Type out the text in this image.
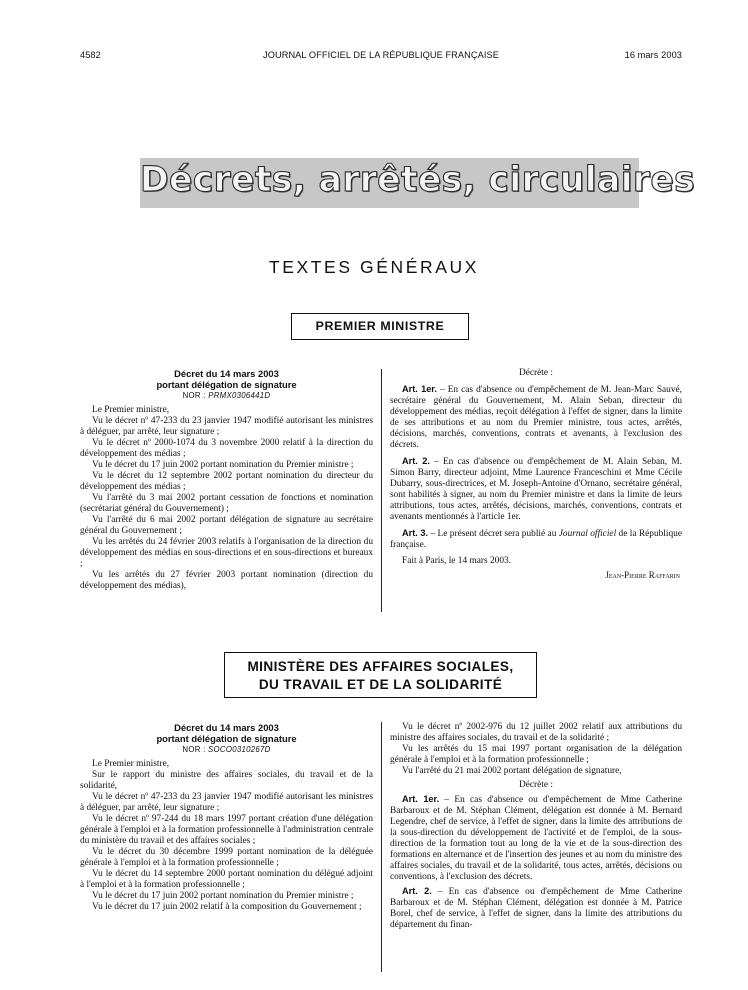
4582	JOURNAL OFFICIEL DE LA RÉPUBLIQUE FRANÇAISE	16 mars 2003
Décrets, arrêtés, circulaires
TEXTES GÉNÉRAUX
PREMIER MINISTRE
Décret du 14 mars 2003
portant délégation de signature
NOR : PRMX0306441D

Le Premier ministre,

Vu le décret nº 47-233 du 23 janvier 1947 modifié autorisant les ministres à déléguer, par arrêté, leur signature ;

Vu le décret nº 2000-1074 du 3 novembre 2000 relatif à la direction du développement des médias ;

Vu le décret du 17 juin 2002 portant nomination du Premier ministre ;

Vu le décret du 12 septembre 2002 portant nomination du directeur du développement des médias ;

Vu l'arrêté du 3 mai 2002 portant cessation de fonctions et nomination (secrétariat général du Gouvernement) ;

Vu l'arrêté du 6 mai 2002 portant délégation de signature au secrétaire général du Gouvernement ;

Vu les arrêtés du 24 février 2003 relatifs à l'organisation de la direction du développement des médias en sous-directions et en sous-directions et bureaux ;

Vu les arrêtés du 27 février 2003 portant nomination (direction du développement des médias),

Décrète :

Art. 1er. – En cas d'absence ou d'empêchement de M. Jean-Marc Sauvé, secrétaire général du Gouvernement, M. Alain Seban, directeur du développement des médias, reçoit délégation à l'effet de signer, dans la limite de ses attributions et au nom du Premier ministre, tous actes, arrêtés, décisions, marchés, conventions, contrats et avenants, à l'exclusion des décrets.

Art. 2. – En cas d'absence ou d'empêchement de M. Alain Seban, M. Simon Barry, directeur adjoint, Mme Laurence Franceschini et Mme Cécile Dubarry, sous-directrices, et M. Joseph-Antoine d'Ornano, secrétaire général, sont habilités à signer, au nom du Premier ministre et dans la limite de leurs attributions, tous actes, arrêtés, décisions, marchés, conventions, contrats et avenants mentionnés à l'article 1er.

Art. 3. – Le présent décret sera publié au Journal officiel de la République française.

Fait à Paris, le 14 mars 2003.

Jean-Pierre Raffarin

MINISTÈRE DES AFFAIRES SOCIALES,
DU TRAVAIL ET DE LA SOLIDARITÉ
Décret du 14 mars 2003
portant délégation de signature
NOR : SOCO0310267D

Le Premier ministre,

Sur le rapport du ministre des affaires sociales, du travail et de la solidarité,

Vu le décret nº 47-233 du 23 janvier 1947 modifié autorisant les ministres à déléguer, par arrêté, leur signature ;

Vu le décret nº 97-244 du 18 mars 1997 portant création d'une délégation générale à l'emploi et à la formation professionnelle à l'administration centrale du ministère du travail et des affaires sociales ;

Vu le décret du 30 décembre 1999 portant nomination de la déléguée générale à l'emploi et à la formation professionnelle ;

Vu le décret du 14 septembre 2000 portant nomination du délégué adjoint à l'emploi et à la formation professionnelle ;

Vu le décret du 17 juin 2002 portant nomination du Premier ministre ;

Vu le décret du 17 juin 2002 relatif à la composition du Gouvernement ;

Vu le décret nº 2002-976 du 12 juillet 2002 relatif aux attributions du ministre des affaires sociales, du travail et de la solidarité ;

Vu les arrêtés du 15 mai 1997 portant organisation de la délégation générale à l'emploi et à la formation professionnelle ;

Vu l'arrêté du 21 mai 2002 portant délégation de signature,

Décrète :

Art. 1er. – En cas d'absence ou d'empêchement de Mme Catherine Barbaroux et de M. Stéphan Clément, délégation est donnée à M. Bernard Legendre, chef de service, à l'effet de signer, dans la limite des attributions de la sous-direction du développement de l'activité et de l'emploi, de la sous-direction de la formation tout au long de la vie et de la sous-direction des formations en alternance et de l'insertion des jeunes et au nom du ministre des affaires sociales, du travail et de la solidarité, tous actes, arrêtés, décisions ou conventions, à l'exclusion des décrets.

Art. 2. – En cas d'absence ou d'empêchement de Mme Catherine Barbaroux et de M. Stéphan Clément, délégation est donnée à M. Patrice Borel, chef de service, à l'effet de signer, dans la limite des attributions du département du finan-
